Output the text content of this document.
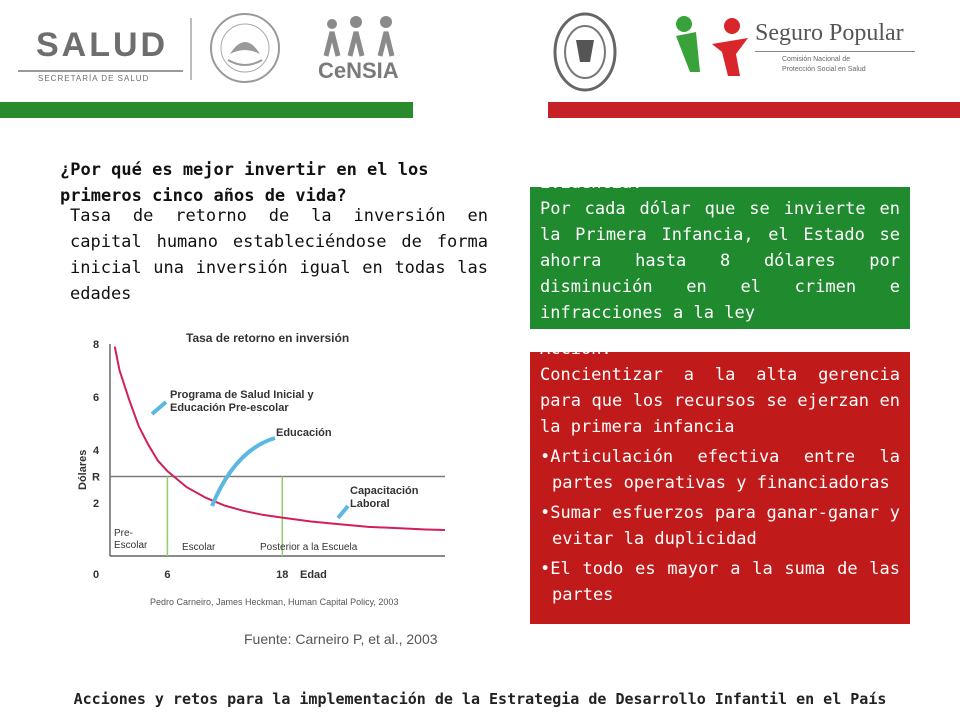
SALUD
SECRETARÍA DE SALUD	CeNSIA
Seguro Popular
Comisión Nacional de
Protección Social en Salud
¿Por qué es mejor invertir en el los primeros cinco años de vida?
Tasa de retorno de la inversión en capital humano estableciéndose de forma inicial una inversión igual en todas las edades
Tasa de retorno en inversión
Dólares
Edad
2
R
4
6
8
0	6	18
Programa de Salud Inicial y Educación Pre-escolar
Educación
Capacitación Laboral
Pre- Escolar	Escolar	Posterior a la Escuela
Pedro Carneiro, James Heckman, Human Capital Policy, 2003
Fuente: Carneiro P, et al., 2003

Evidencia:

Por cada dólar que se invierte en la Primera Infancia, el Estado se ahorra hasta 8 dólares por disminución en el crimen e infracciones a la ley

Acción:

Concientizar a la alta gerencia para que los recursos se ejerzan en la primera infancia

•Articulación efectiva entre la partes operativas y financiadoras

•Sumar esfuerzos para ganar-ganar y evitar la duplicidad

•El todo es mayor a la suma de las partes

Acciones y retos para la implementación de la Estrategia de Desarrollo Infantil en el País
